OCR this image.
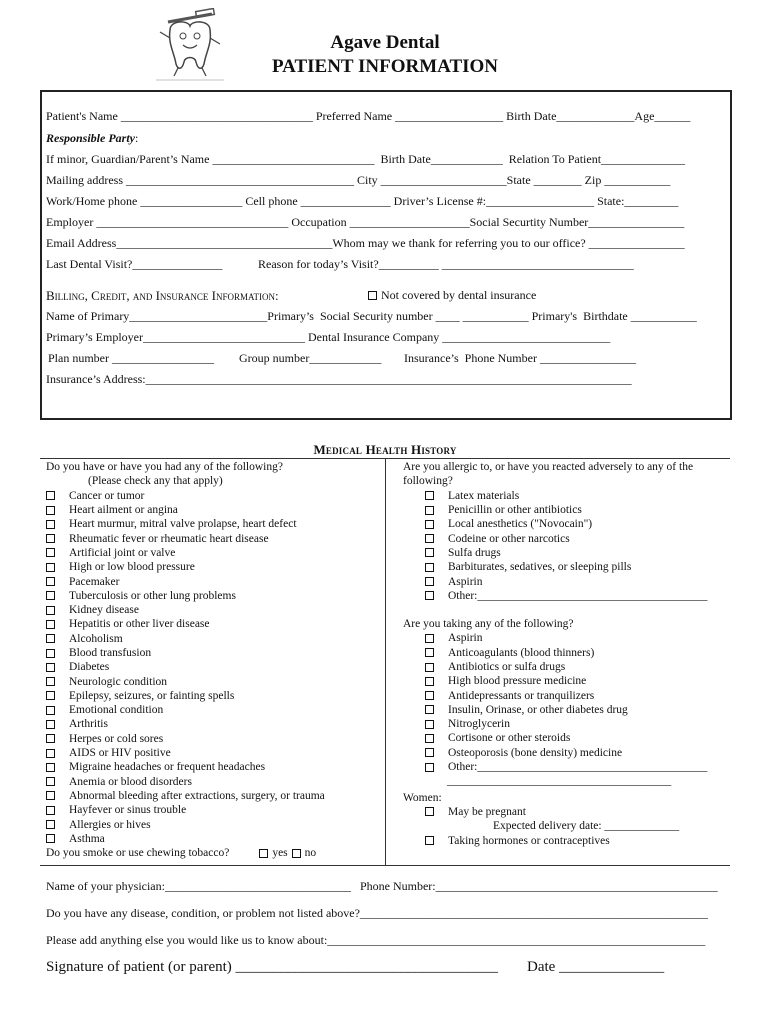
Agave Dental
PATIENT INFORMATION
Patient's Name ________________________________ Preferred Name __________________ Birth Date_____________Age______
Responsible Party:
If minor, Guardian/Parent’s Name ___________________________  Birth Date____________  Relation To Patient______________
Mailing address ______________________________________ City _____________________State ________ Zip ___________
Work/Home phone _________________ Cell phone _______________ Driver’s License #:__________________ State:_________
Employer ________________________________ Occupation ____________________Social Securtity Number________________
Email Address____________________________________Whom may we thank for referring you to our office? ________________
Last Dental Visit?_______________	Reason for today’s Visit?__________ ________________________________
Billing, Credit, and Insurance Information:	Not covered by dental insurance
Name of Primary_______________________Primary’s  Social Security number ____ ___________ Primary's  Birthdate ___________
Primary’s Employer___________________________ Dental Insurance Company ____________________________
Plan number _________________ Group number____________ Insurance’s  Phone Number ________________
Insurance’s Address:_________________________________________________________________________________
Medical Health History
Do you have or have you had any of the following?
(Please check any that apply)
Cancer or tumor
Heart ailment or angina
Heart murmur, mitral valve prolapse, heart defect
Rheumatic fever or rheumatic heart disease
Artificial joint or valve
High or low blood pressure
Pacemaker
Tuberculosis or other lung problems
Kidney disease
Hepatitis or other liver disease
Alcoholism
Blood transfusion
Diabetes
Neurologic condition
Epilepsy, seizures, or fainting spells
Emotional condition
Arthritis
Herpes or cold sores
AIDS or HIV positive
Migraine headaches or frequent headaches
Anemia or blood disorders
Abnormal bleeding after extractions, surgery, or trauma
Hayfever or sinus trouble
Allergies or hives
Asthma
Do you smoke or use chewing tobacco?	yes no
Are you allergic to, or have you reacted adversely to any of the
following?
Latex materials
Penicillin or other antibiotics
Local anesthetics ("Novocain")
Codeine or other narcotics
Sulfa drugs
Barbiturates, sedatives, or sleeping pills
Aspirin
Other:________________________________________
Are you taking any of the following?
Aspirin
Anticoagulants (blood thinners)
Antibiotics or sulfa drugs
High blood pressure medicine
Antidepressants or tranquilizers
Insulin, Orinase, or other diabetes drug
Nitroglycerin
Cortisone or other steroids
Osteoporosis (bone density) medicine
Other:________________________________________
_______________________________________
Women:
May be pregnant
Expected delivery date: _____________
Taking hormones or contraceptives
Name of your physician:_______________________________   Phone Number:_______________________________________________
Do you have any disease, condition, or problem not listed above?__________________________________________________________
Please add anything else you would like us to know about:_______________________________________________________________
Signature of patient (or parent) ___________________________________ Date ______________
